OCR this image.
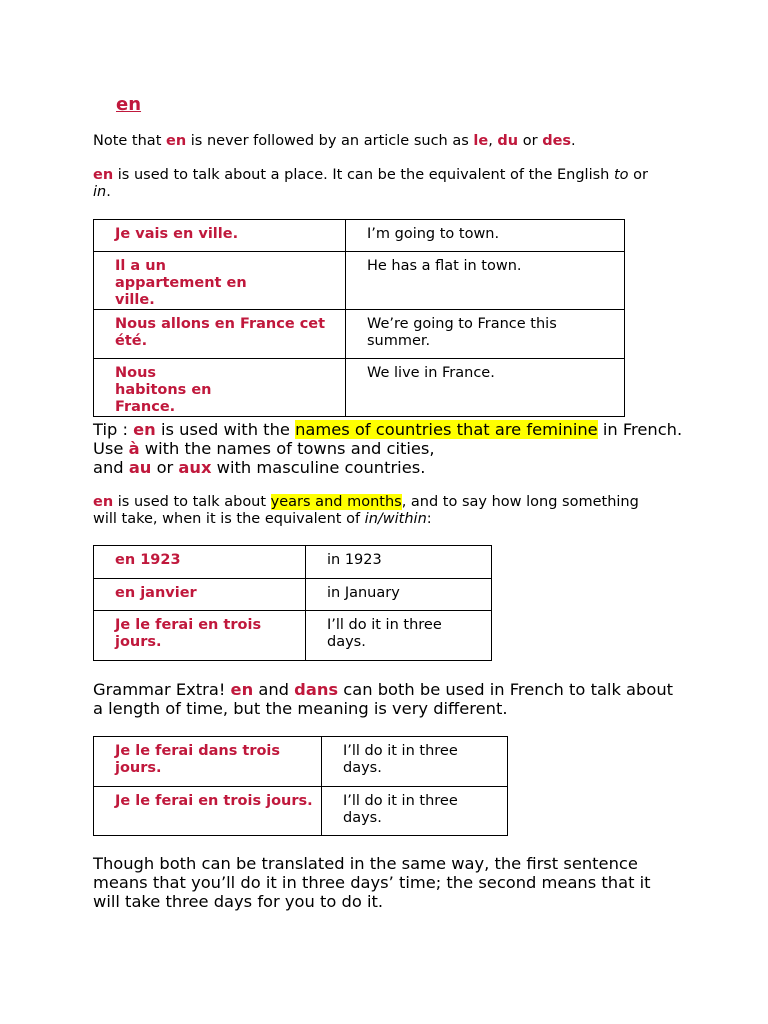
en
Note that en is never followed by an article such as le, du or des.
en is used to talk about a place. It can be the equivalent of the English to or in.
Je vais en ville.	I’m going to town.
Il a un appartement en ville.	He has a flat in town.
Nous allons en France cet été.	We’re going to France this summer.
Nous habitons en France.	We live in France.
Tip : en is used with the names of countries that are feminine in French. Use à with the names of towns and cities,
and au or aux with masculine countries.
en is used to talk about years and months, and to say how long something will take, when it is the equivalent of in/within:
en 1923	in 1923
en janvier	in January
Je le ferai en trois jours.	I’ll do it in three days.
Grammar Extra! en and dans can both be used in French to talk about a length of time, but the meaning is very different.
Je le ferai dans trois jours.	I’ll do it in three days.
Je le ferai en trois jours.	I’ll do it in three days.
Though both can be translated in the same way, the first sentence means that you’ll do it in three days’ time; the second means that it will take three days for you to do it.
